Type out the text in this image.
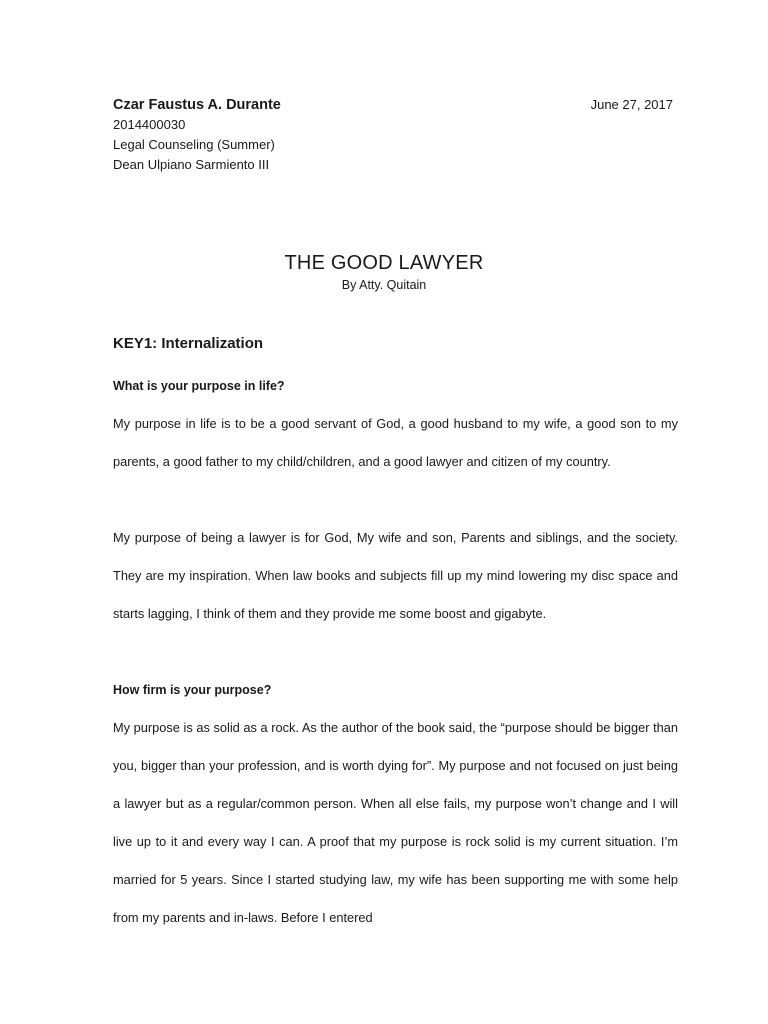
Czar Faustus A. Durante	June 27, 2017
2014400030
Legal Counseling (Summer)
Dean Ulpiano Sarmiento III
THE GOOD LAWYER
By Atty. Quitain
KEY1: Internalization
What is your purpose in life?

My purpose in life is to be a good servant of God, a good husband to my wife, a good son to my parents, a good father to my child/children, and a good lawyer and citizen of my country.

My purpose of being a lawyer is for God, My wife and son, Parents and siblings, and the society. They are my inspiration. When law books and subjects fill up my mind lowering my disc space and starts lagging, I think of them and they provide me some boost and gigabyte.

How firm is your purpose?

My purpose is as solid as a rock. As the author of the book said, the “purpose should be bigger than you, bigger than your profession, and is worth dying for”. My purpose and not focused on just being a lawyer but as a regular/common person. When all else fails, my purpose won’t change and I will live up to it and every way I can. A proof that my purpose is rock solid is my current situation. I’m married for 5 years. Since I started studying law, my wife has been supporting me with some help from my parents and in-laws. Before I entered
